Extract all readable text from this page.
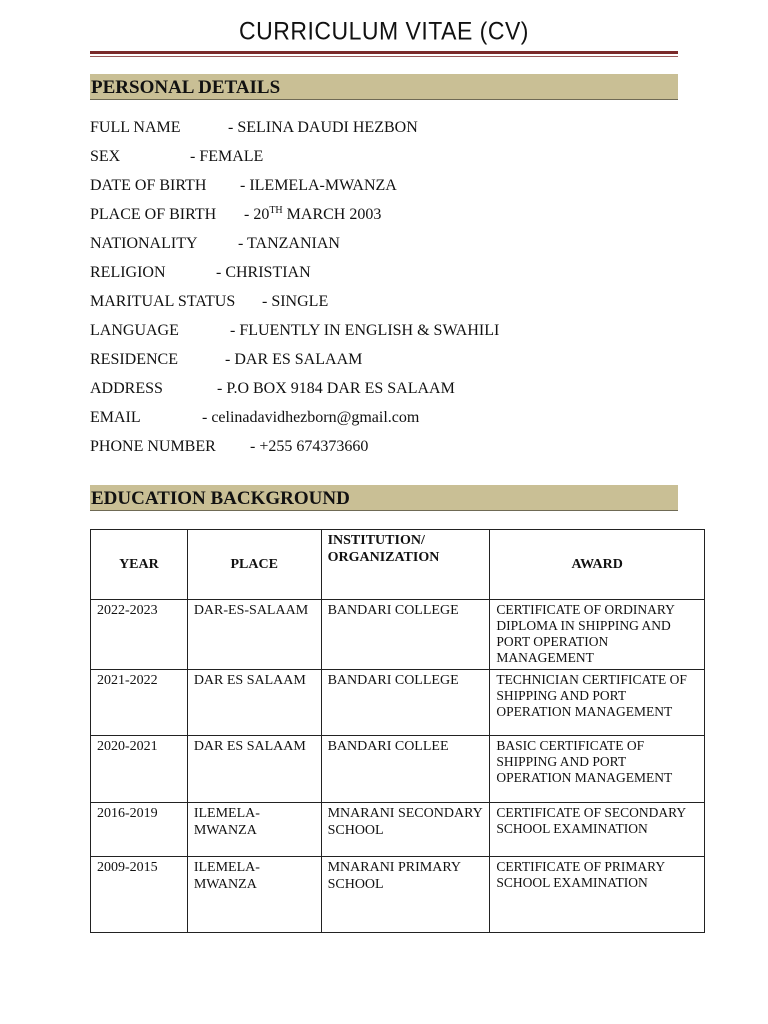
CURRICULUM VITAE (CV)
PERSONAL DETAILS
FULL NAME	- SELINA DAUDI HEZBON
SEX	- FEMALE
DATE OF BIRTH - ILEMELA-MWANZA
PLACE OF BIRTH - 20TH MARCH 2003
NATIONALITY	- TANZANIAN
RELIGION	- CHRISTIAN
MARITUAL STATUS - SINGLE
LANGUAGE	- FLUENTLY IN ENGLISH & SWAHILI
RESIDENCE	- DAR ES SALAAM
ADDRESS	- P.O BOX 9184 DAR ES SALAAM
EMAIL	- celinadavidhezborn@gmail.com
PHONE NUMBER - +255 674373660
EDUCATION BACKGROUND
YEAR	PLACE	INSTITUTION/ ORGANIZATION	AWARD
2022-2023	DAR-ES-SALAAM	BANDARI COLLEGE	CERTIFICATE OF ORDINARY DIPLOMA IN SHIPPING AND PORT OPERATION MANAGEMENT
2021-2022	DAR ES SALAAM	BANDARI COLLEGE	TECHNICIAN CERTIFICATE OF SHIPPING AND PORT OPERATION MANAGEMENT
2020-2021	DAR ES SALAAM	BANDARI COLLEE	BASIC CERTIFICATE OF SHIPPING AND PORT OPERATION MANAGEMENT
2016-2019	ILEMELA-MWANZA	MNARANI SECONDARY SCHOOL	CERTIFICATE OF SECONDARY SCHOOL EXAMINATION
2009-2015	ILEMELA-MWANZA	MNARANI PRIMARY SCHOOL	CERTIFICATE OF PRIMARY SCHOOL EXAMINATION
